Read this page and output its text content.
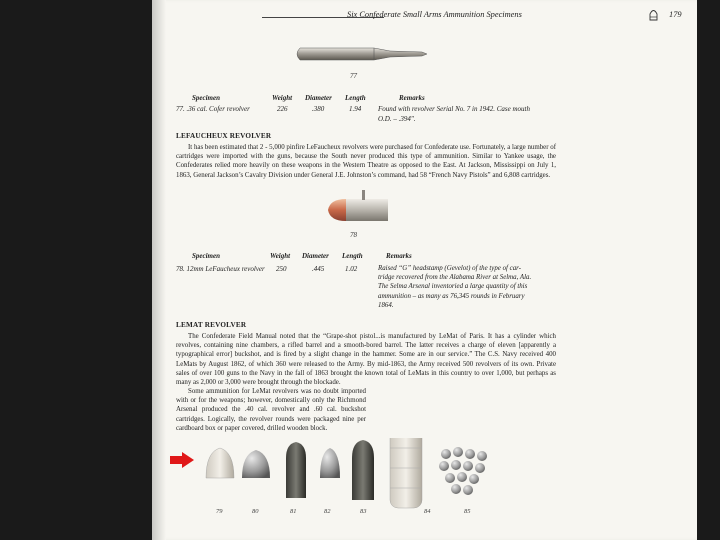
Six Confederate Small Arms Ammunition Specimens	179
77
Specimen	Weight Diameter Length	Remarks
77. .36 cal. Cofer revolver	226	.380	1.94 Found with revolver Serial No. 7 in 1942. Case mouth
O.D. – .394".
LEFAUCHEUX REVOLVER

It has been estimated that 2 - 5,000 pinfire LeFaucheux revolvers were purchased for Confederate use. Fortunately, a large number of cartridges were imported with the guns, because the South never produced this type of ammunition. Similar to Yankee usage, the Confederates relied more heavily on these weapons in the Western Theatre as opposed to the East. At Jackson, Mississippi on July 1, 1863, General Jackson’s Cavalry Division under General J.E. Johnston’s command, had 58 “French Navy Pistols” and 6,808 cartridges.

78
Specimen	Weight Diameter Length	Remarks
78. 12mm LeFaucheux revolver 250	.445	1.02	Raised “G” headstamp (Gevelot) of the type of car-
tridge recovered from the Alabama River at Selma, Ala.
The Selma Arsenal inventoried a large quantity of this
ammunition – as many as 76,345 rounds in February
1864.
LEMAT REVOLVER

The Confederate Field Manual noted that the “Grape-shot pistol...is manufactured by LeMat of Paris. It has a cylinder which revolves, containing nine chambers, a rifled barrel and a smooth-bored barrel. The latter receives a charge of eleven [apparently a typographical error] buckshot, and is fired by a slight change in the hammer. Some are in our service.” The C.S. Navy received 400 LeMats by August 1862, of which 360 were released to the Army. By mid-1863, the Army received 500 revolvers of its own. Private sales of over 100 guns to the Navy in the fall of 1863 brought the known total of LeMats in this country to over 1,000, but perhaps as many as 2,000 or 3,000 were brought through the blockade.

Some ammunition for LeMat revolvers was no doubt imported with or for the weapons; however, domestically only the Richmond Arsenal produced the .40 cal. revolver and .60 cal. buckshot cartridges. Logically, the revolver rounds were packaged nine per cardboard box or paper covered, drilled wooden block.

79	80	81	82	83	84	85
